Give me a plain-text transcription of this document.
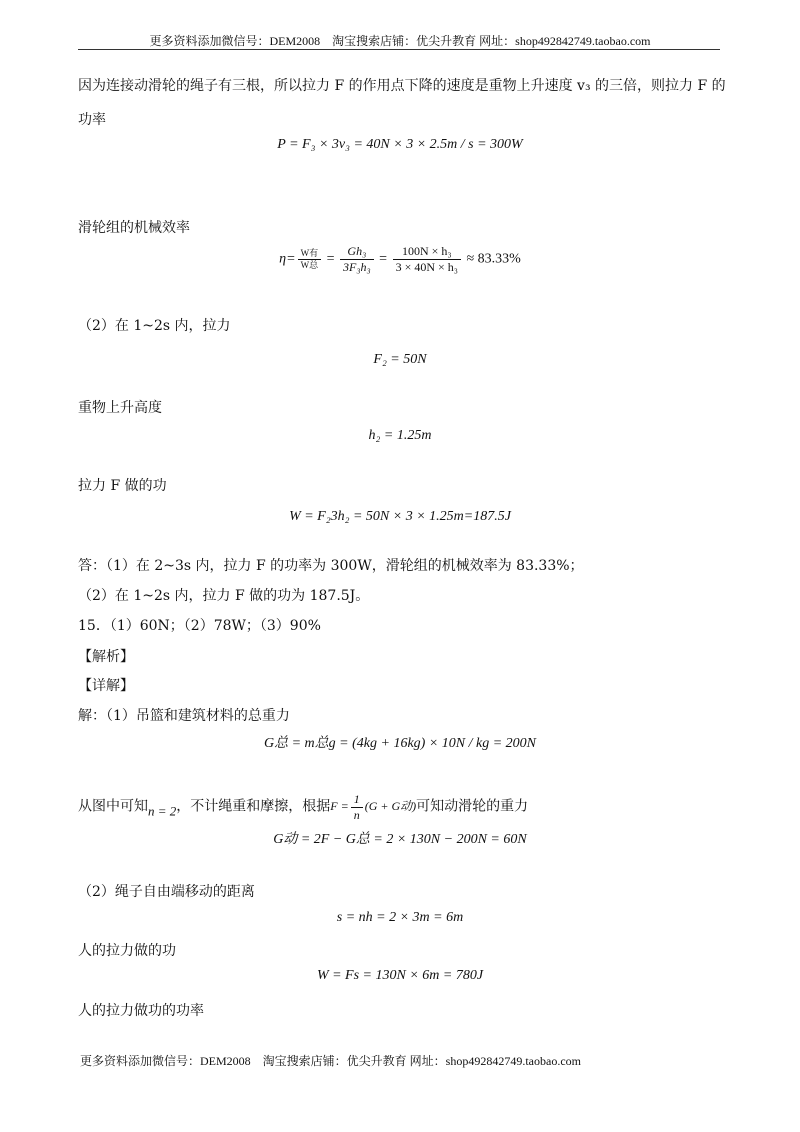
更多资料添加微信号：DEM2008　淘宝搜索店铺：优尖升教育 网址：shop492842749.taobao.com
因为连接动滑轮的绳子有三根，所以拉力 F 的作用点下降的速度是重物上升速度 v₃ 的三倍，则拉力 F 的
功率
P = F₃ × 3v₃ = 40N × 3 × 2.5m / s = 300W
滑轮组的机械效率
$\eta= \frac{\text{W有}}{\text{W总}} = \frac{\text{Gh₃}}{\text{3F₃h₃}} = \frac{\text{100N × h₃}}{\text{3 × 40N × h₃}} \approx 83.33\%$
（2）在 1~2s 内，拉力
F₂ = 50N
重物上升高度
h₂ = 1.25m
拉力 F 做的功
W = F₂3h₂ = 50N × 3 × 1.25m=187.5J
答：（1）在 2~3s 内，拉力 F 的功率为 300W，滑轮组的机械效率为 83.33%；
（2）在 1~2s 内，拉力 F 做的功为 187.5J。
15．（1）60N；（2）78W；（3）90%
【解析】
【详解】
解：（1）吊篮和建筑材料的总重力
G总 = m总g = (4kg + 16kg) × 10N / kg = 200N
从图中可知n = 2，不计绳重和摩擦，根据$F = \frac{1}{n} (G + G$动)可知动滑轮的重力
G动 = 2F − G总 = 2 × 130N − 200N = 60N
（2）绳子自由端移动的距离
s = nh = 2 × 3m = 6m
人的拉力做的功
W = Fs = 130N × 6m = 780J
人的拉力做功的功率
更多资料添加微信号：DEM2008　淘宝搜索店铺：优尖升教育 网址：shop492842749.taobao.com
